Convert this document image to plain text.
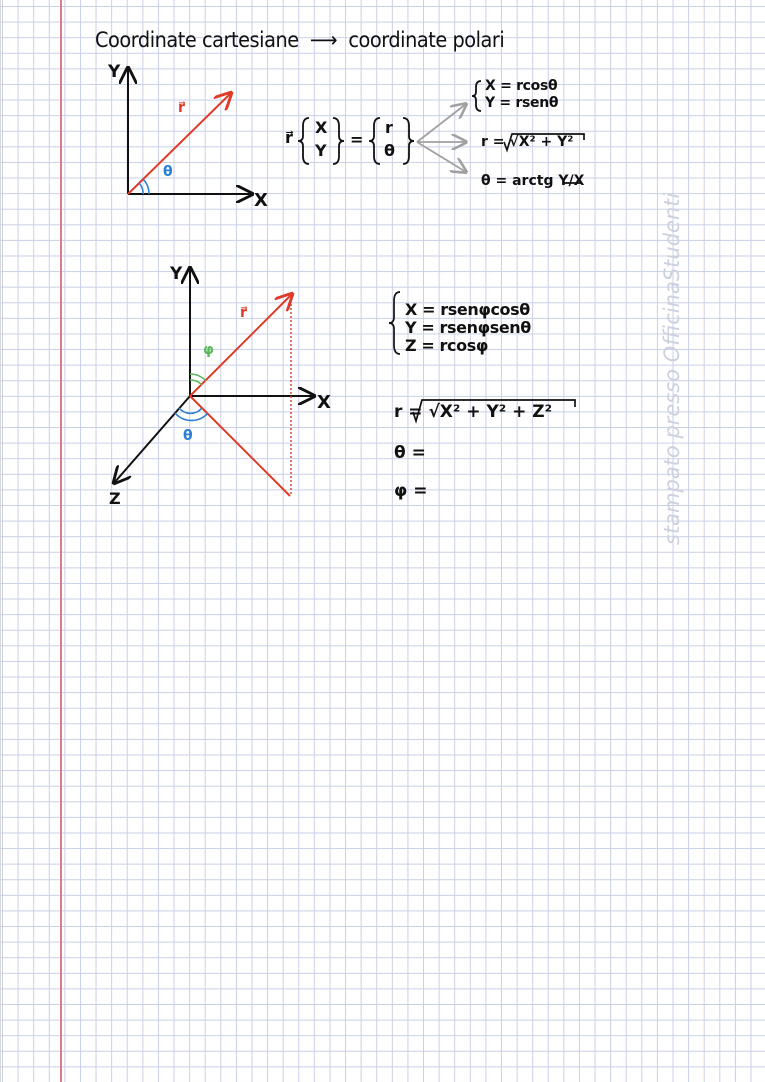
Coordinate cartesiane ⟶ coordinate polari
Y
X
r⃗
θ
r⃗
X
Y
=
r
θ
X = rcosθ
Y = rsenθ
r = √X² + Y²
θ = arctg Y/X
Y
X
Z
r⃗
φ
θ
X = rsenφcosθ
Y = rsenφsenθ
Z = rcosφ
r = √X² + Y² + Z²
θ =
φ =	stampato presso OfficinaStudenti
